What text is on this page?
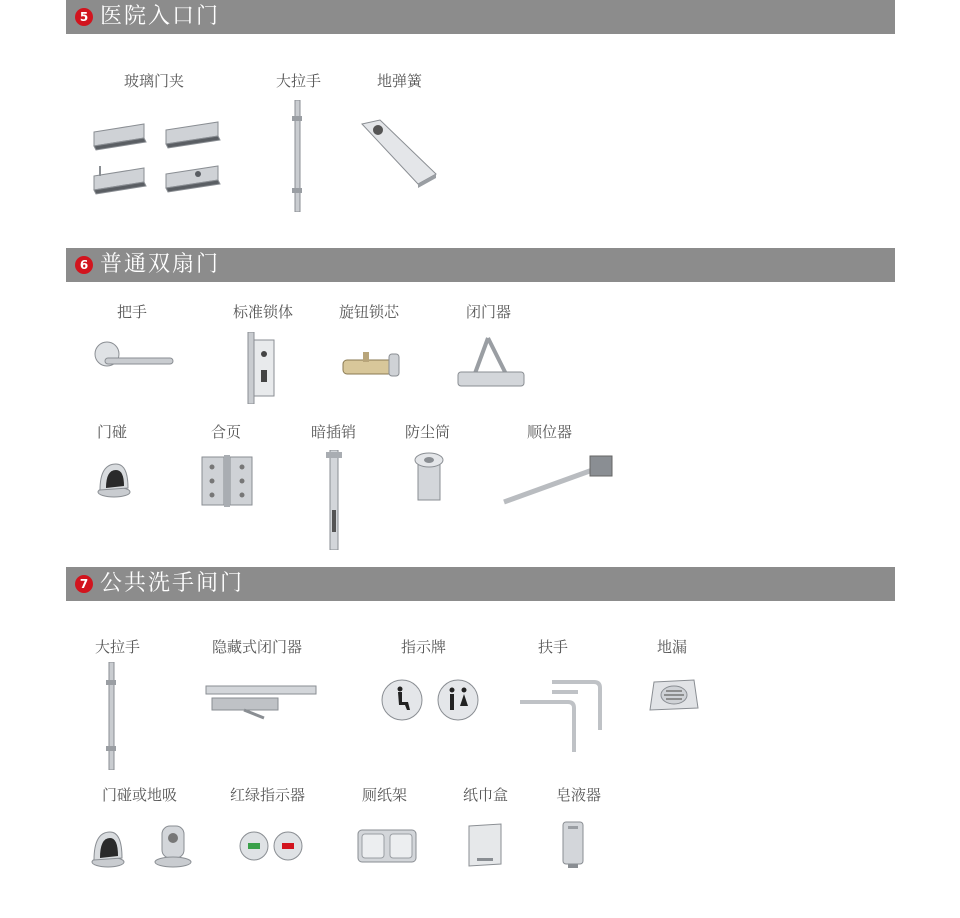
5 医院入口门
玻璃门夹	大拉手	地弹簧
6 普通双扇门
把手	标准锁体	旋钮锁芯	闭门器
门碰	合页	暗插销	防尘筒	顺位器
7 公共洗手间门
大拉手	隐藏式闭门器	指示牌	扶手	地漏
门碰或地吸	红绿指示器	厕纸架	纸巾盒	皂液器
